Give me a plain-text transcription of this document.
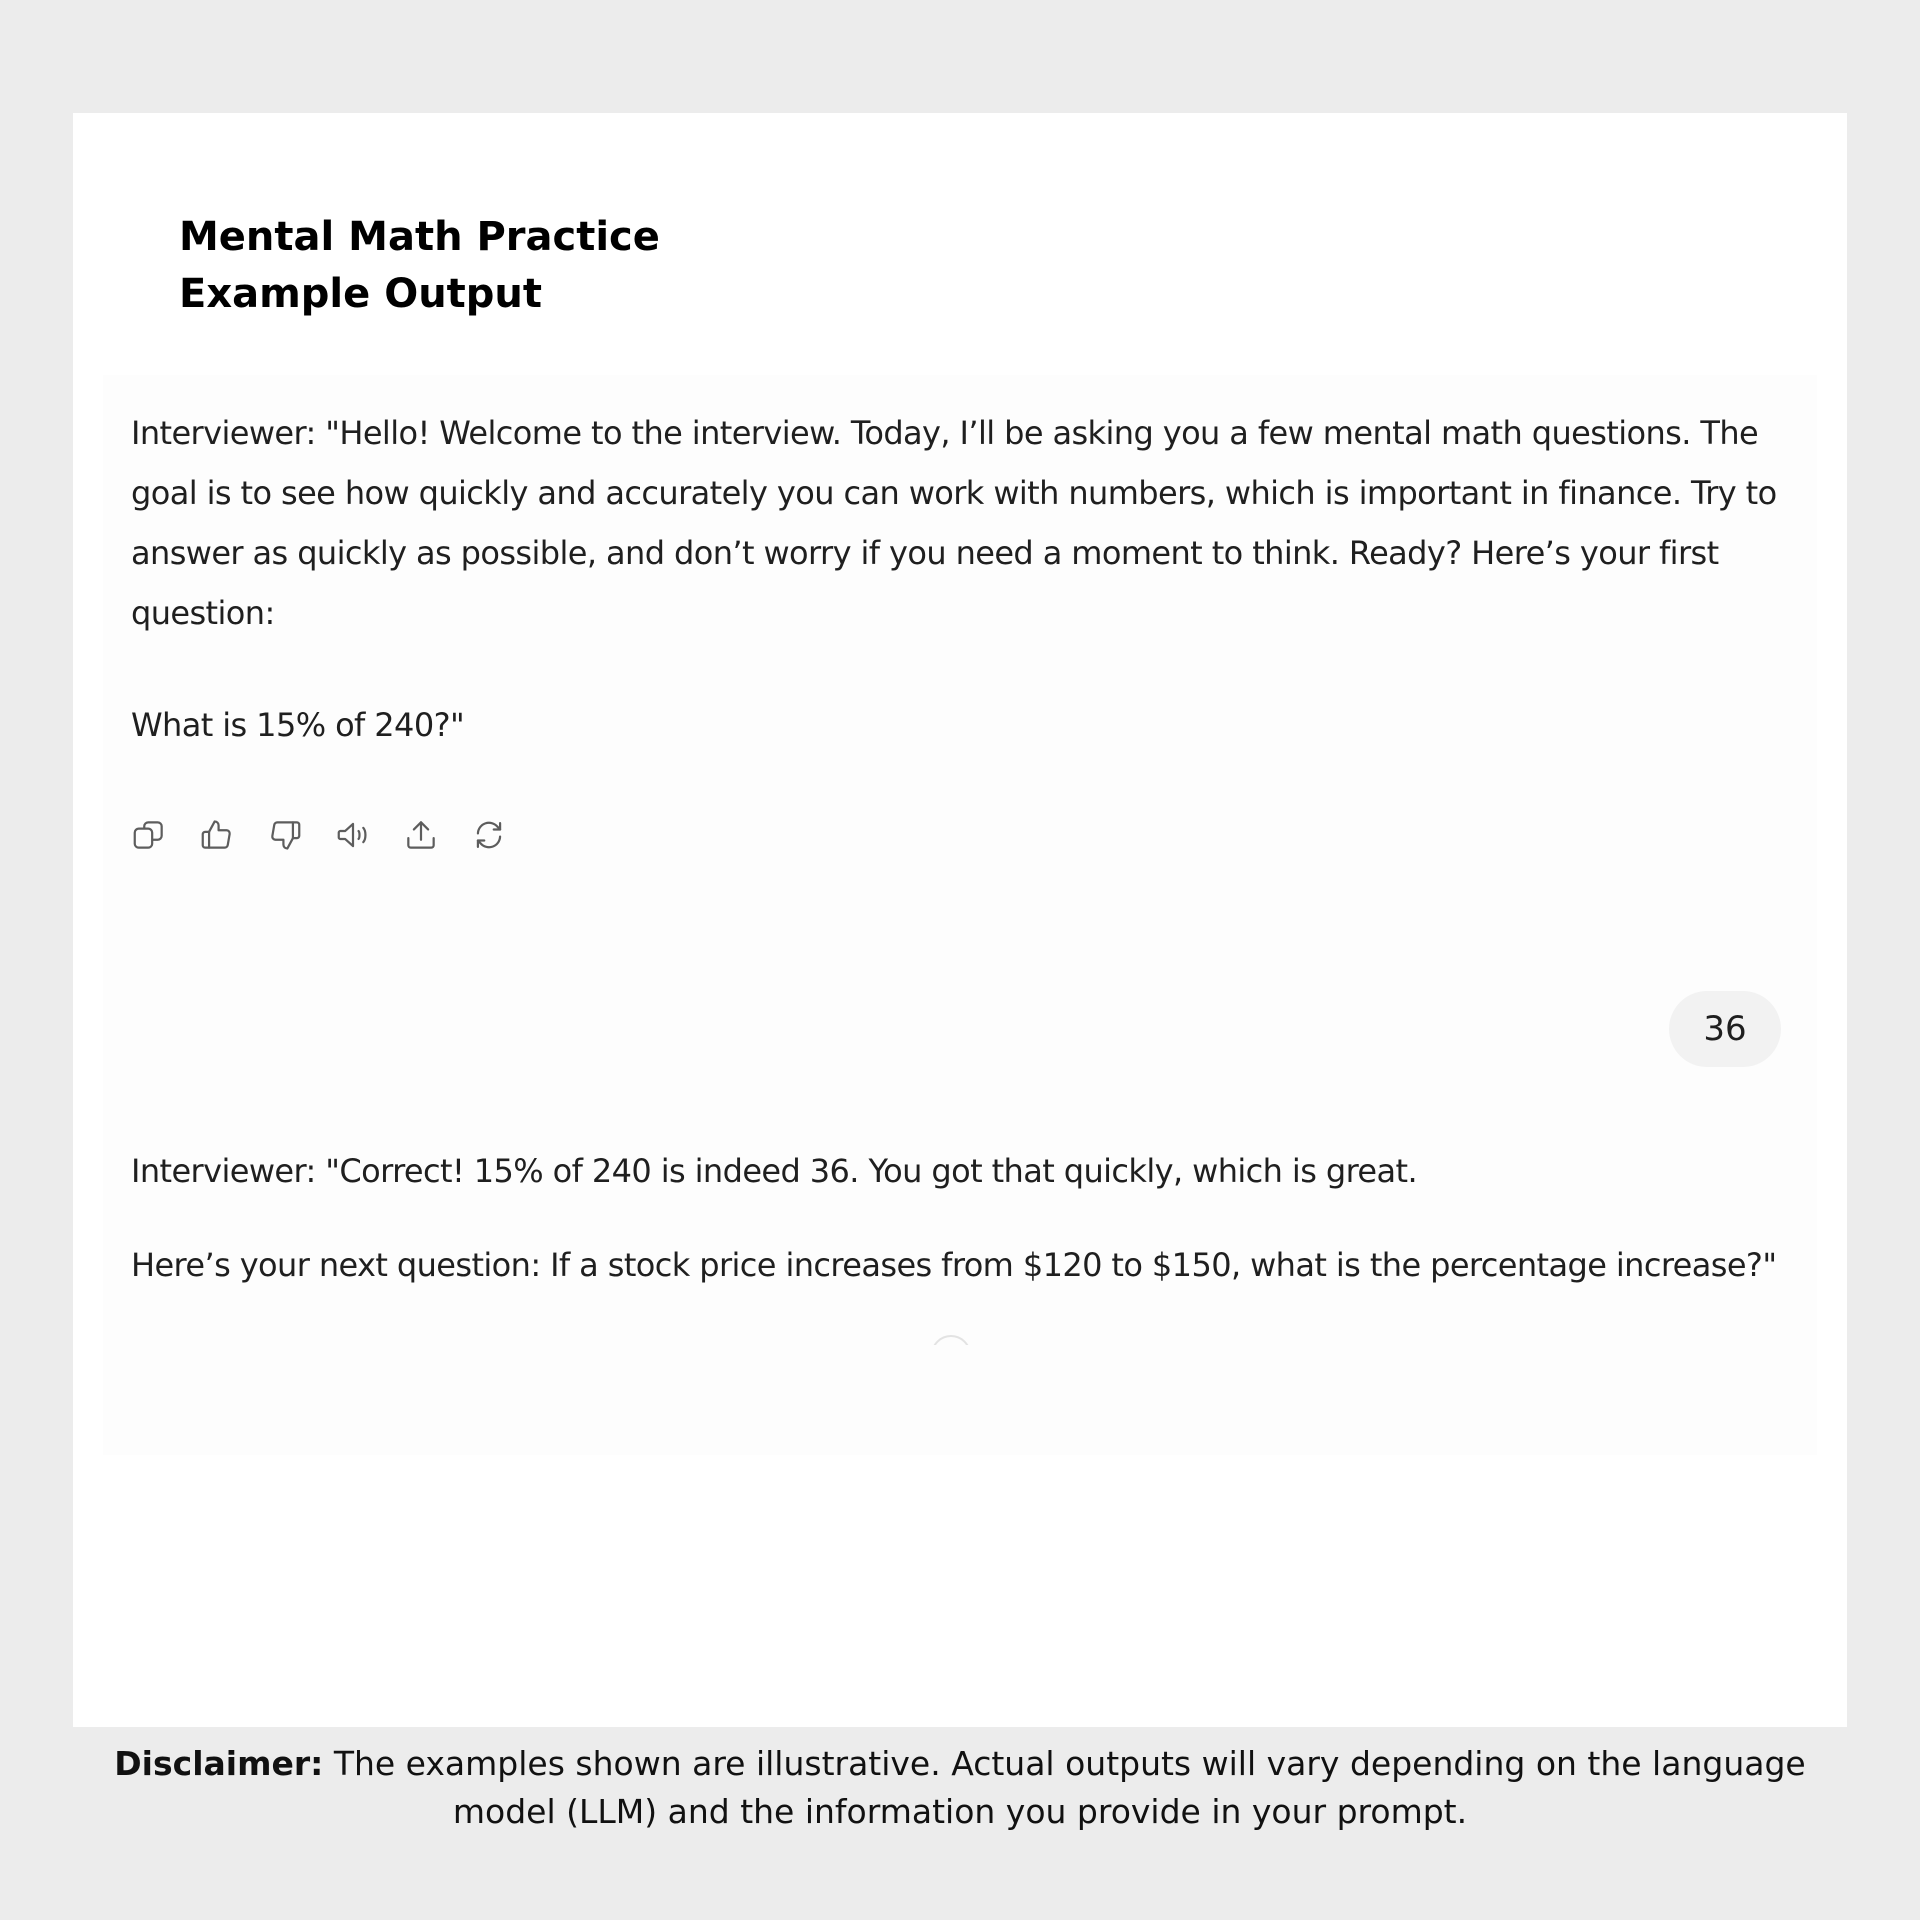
Mental Math Practice
Example Output
Interviewer: "Hello! Welcome to the interview. Today, I’ll be asking you a few mental math questions. The goal is to see how quickly and accurately you can work with numbers, which is important in finance. Try to answer as quickly as possible, and don’t worry if you need a moment to think. Ready? Here’s your first question:
What is 15% of 240?"
36
Interviewer: "Correct! 15% of 240 is indeed 36. You got that quickly, which is great.
Here’s your next question: If a stock price increases from $120 to $150, what is the percentage increase?"
Disclaimer: The examples shown are illustrative. Actual outputs will vary depending on the language model (LLM) and the information you provide in your prompt.
